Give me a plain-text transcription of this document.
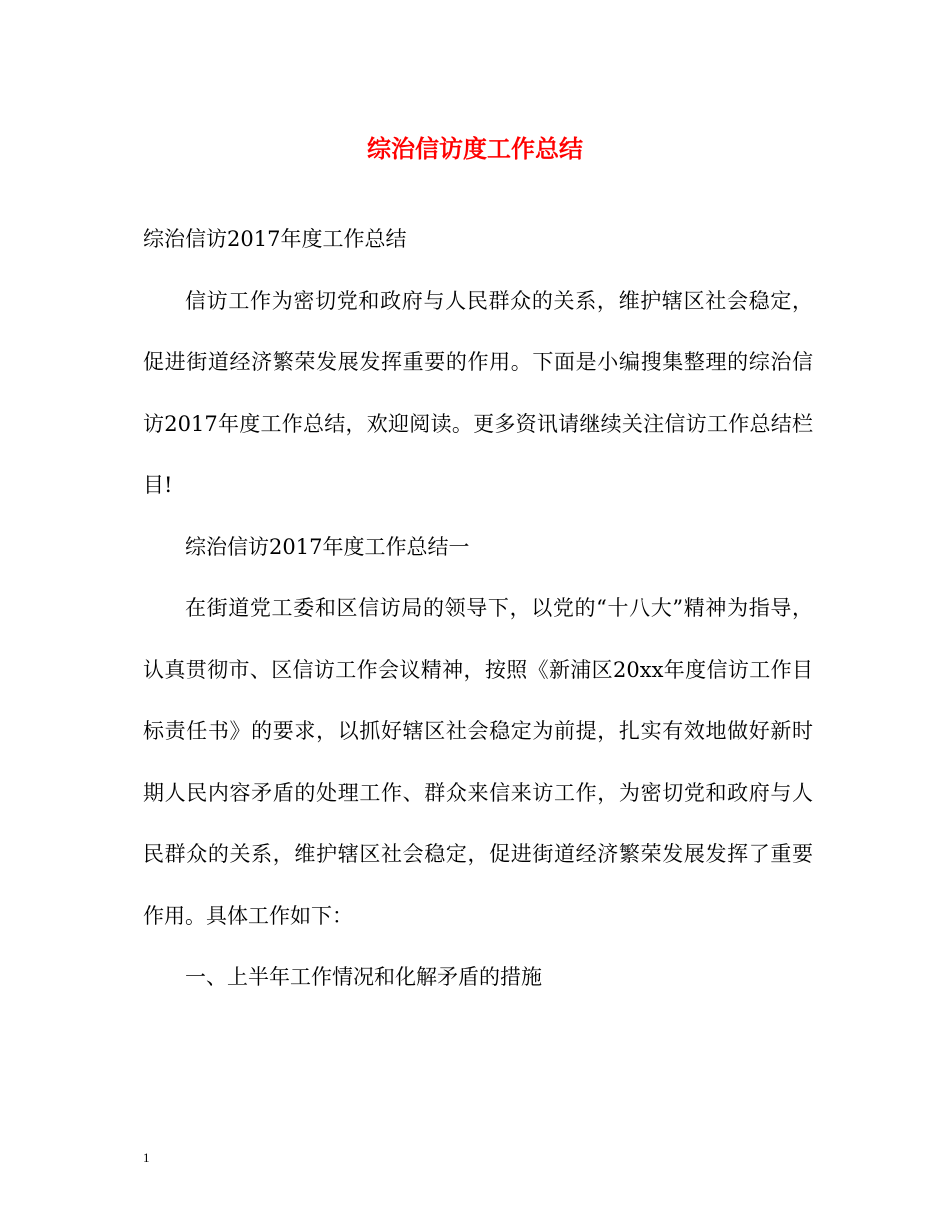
综治信访度工作总结

综治信访2017年度工作总结

信访工作为密切党和政府与人民群众的关系，维护辖区社会稳定，促进街道经济繁荣发展发挥重要的作用。下面是小编搜集整理的综治信访2017年度工作总结，欢迎阅读。更多资讯请继续关注信访工作总结栏目!

综治信访2017年度工作总结一

在街道党工委和区信访局的领导下，以党的“十八大”精神为指导，认真贯彻市、区信访工作会议精神，按照《新浦区20xx年度信访工作目标责任书》的要求，以抓好辖区社会稳定为前提，扎实有效地做好新时期人民内容矛盾的处理工作、群众来信来访工作，为密切党和政府与人民群众的关系，维护辖区社会稳定，促进街道经济繁荣发展发挥了重要作用。具体工作如下：

一、上半年工作情况和化解矛盾的措施

1
